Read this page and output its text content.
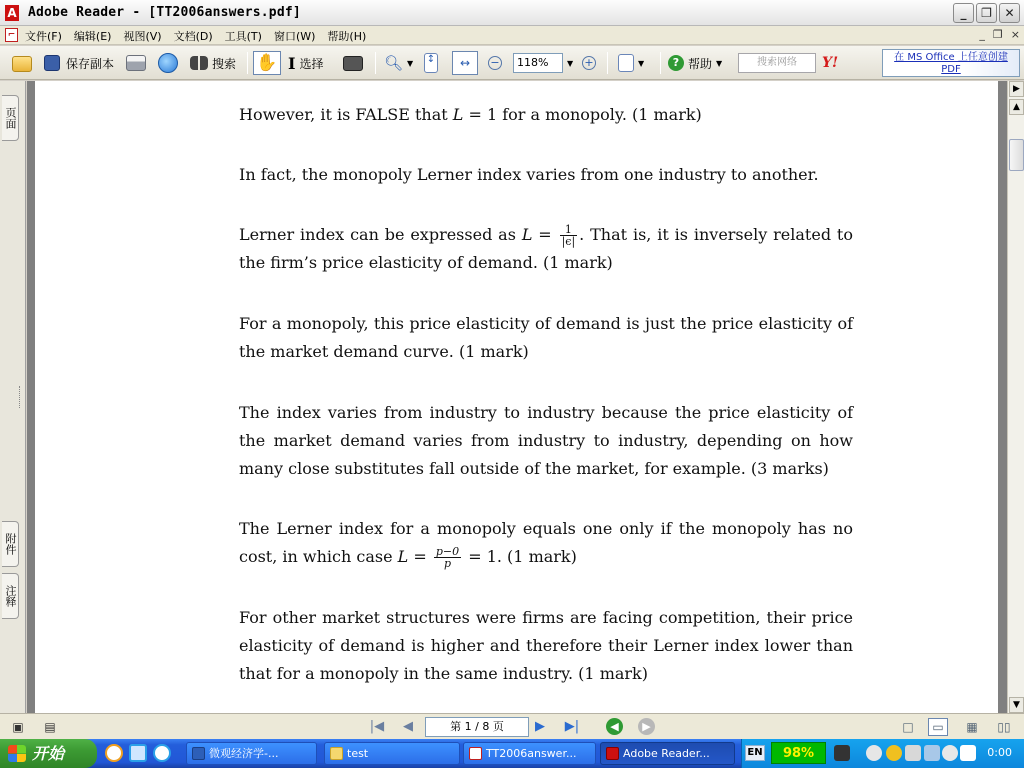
A Adobe Reader - [TT2006answers.pdf]	_	❐	✕
⌐ 文件(F) 编辑(E) 视图(V) 文档(D) 工具(T) 窗口(W) 帮助(H)	_ ❐ ×
保存副本	搜索 ✋ I 选择	🔍︎ ▼ ↕ ↔ −	118%	▼ +	▼	? 帮助 ▼	搜索网络	Y!	在 MS Office 上任意创建
PDF
页面
附件
注释
However, it is FALSE that L = 1 for a monopoly. (1 mark)
In fact, the monopoly Lerner index varies from one industry to another.
Lerner index can be expressed as $L = \frac{1}{|\epsilon|}$ . That is, it is inversely related to the firm’s price elasticity of demand. (1 mark)
For a monopoly, this price elasticity of demand is just the price elasticity of the market demand curve. (1 mark)
The index varies from industry to industry because the price elasticity of the market demand varies from industry to industry, depending on how many close substitutes fall outside of the market, for example. (3 marks)
The Lerner index for a monopoly equals one only if the monopoly has no cost, in which case $L = \frac{p-0}{p} = 1$. (1 mark)
For other market structures were firms are facing competition, their price elasticity of demand is higher and therefore their Lerner index lower than that for a monopoly in the same industry. (1 mark)
▶
▲
▼
▣	▤	|◀	◀	第 1 / 8 页	▶	▶|	◀	▶	□	▭	▦	▯▯
开始	微观经济学-...	test	TT2006answer...	Adobe Reader...	EN	98%	0:00
